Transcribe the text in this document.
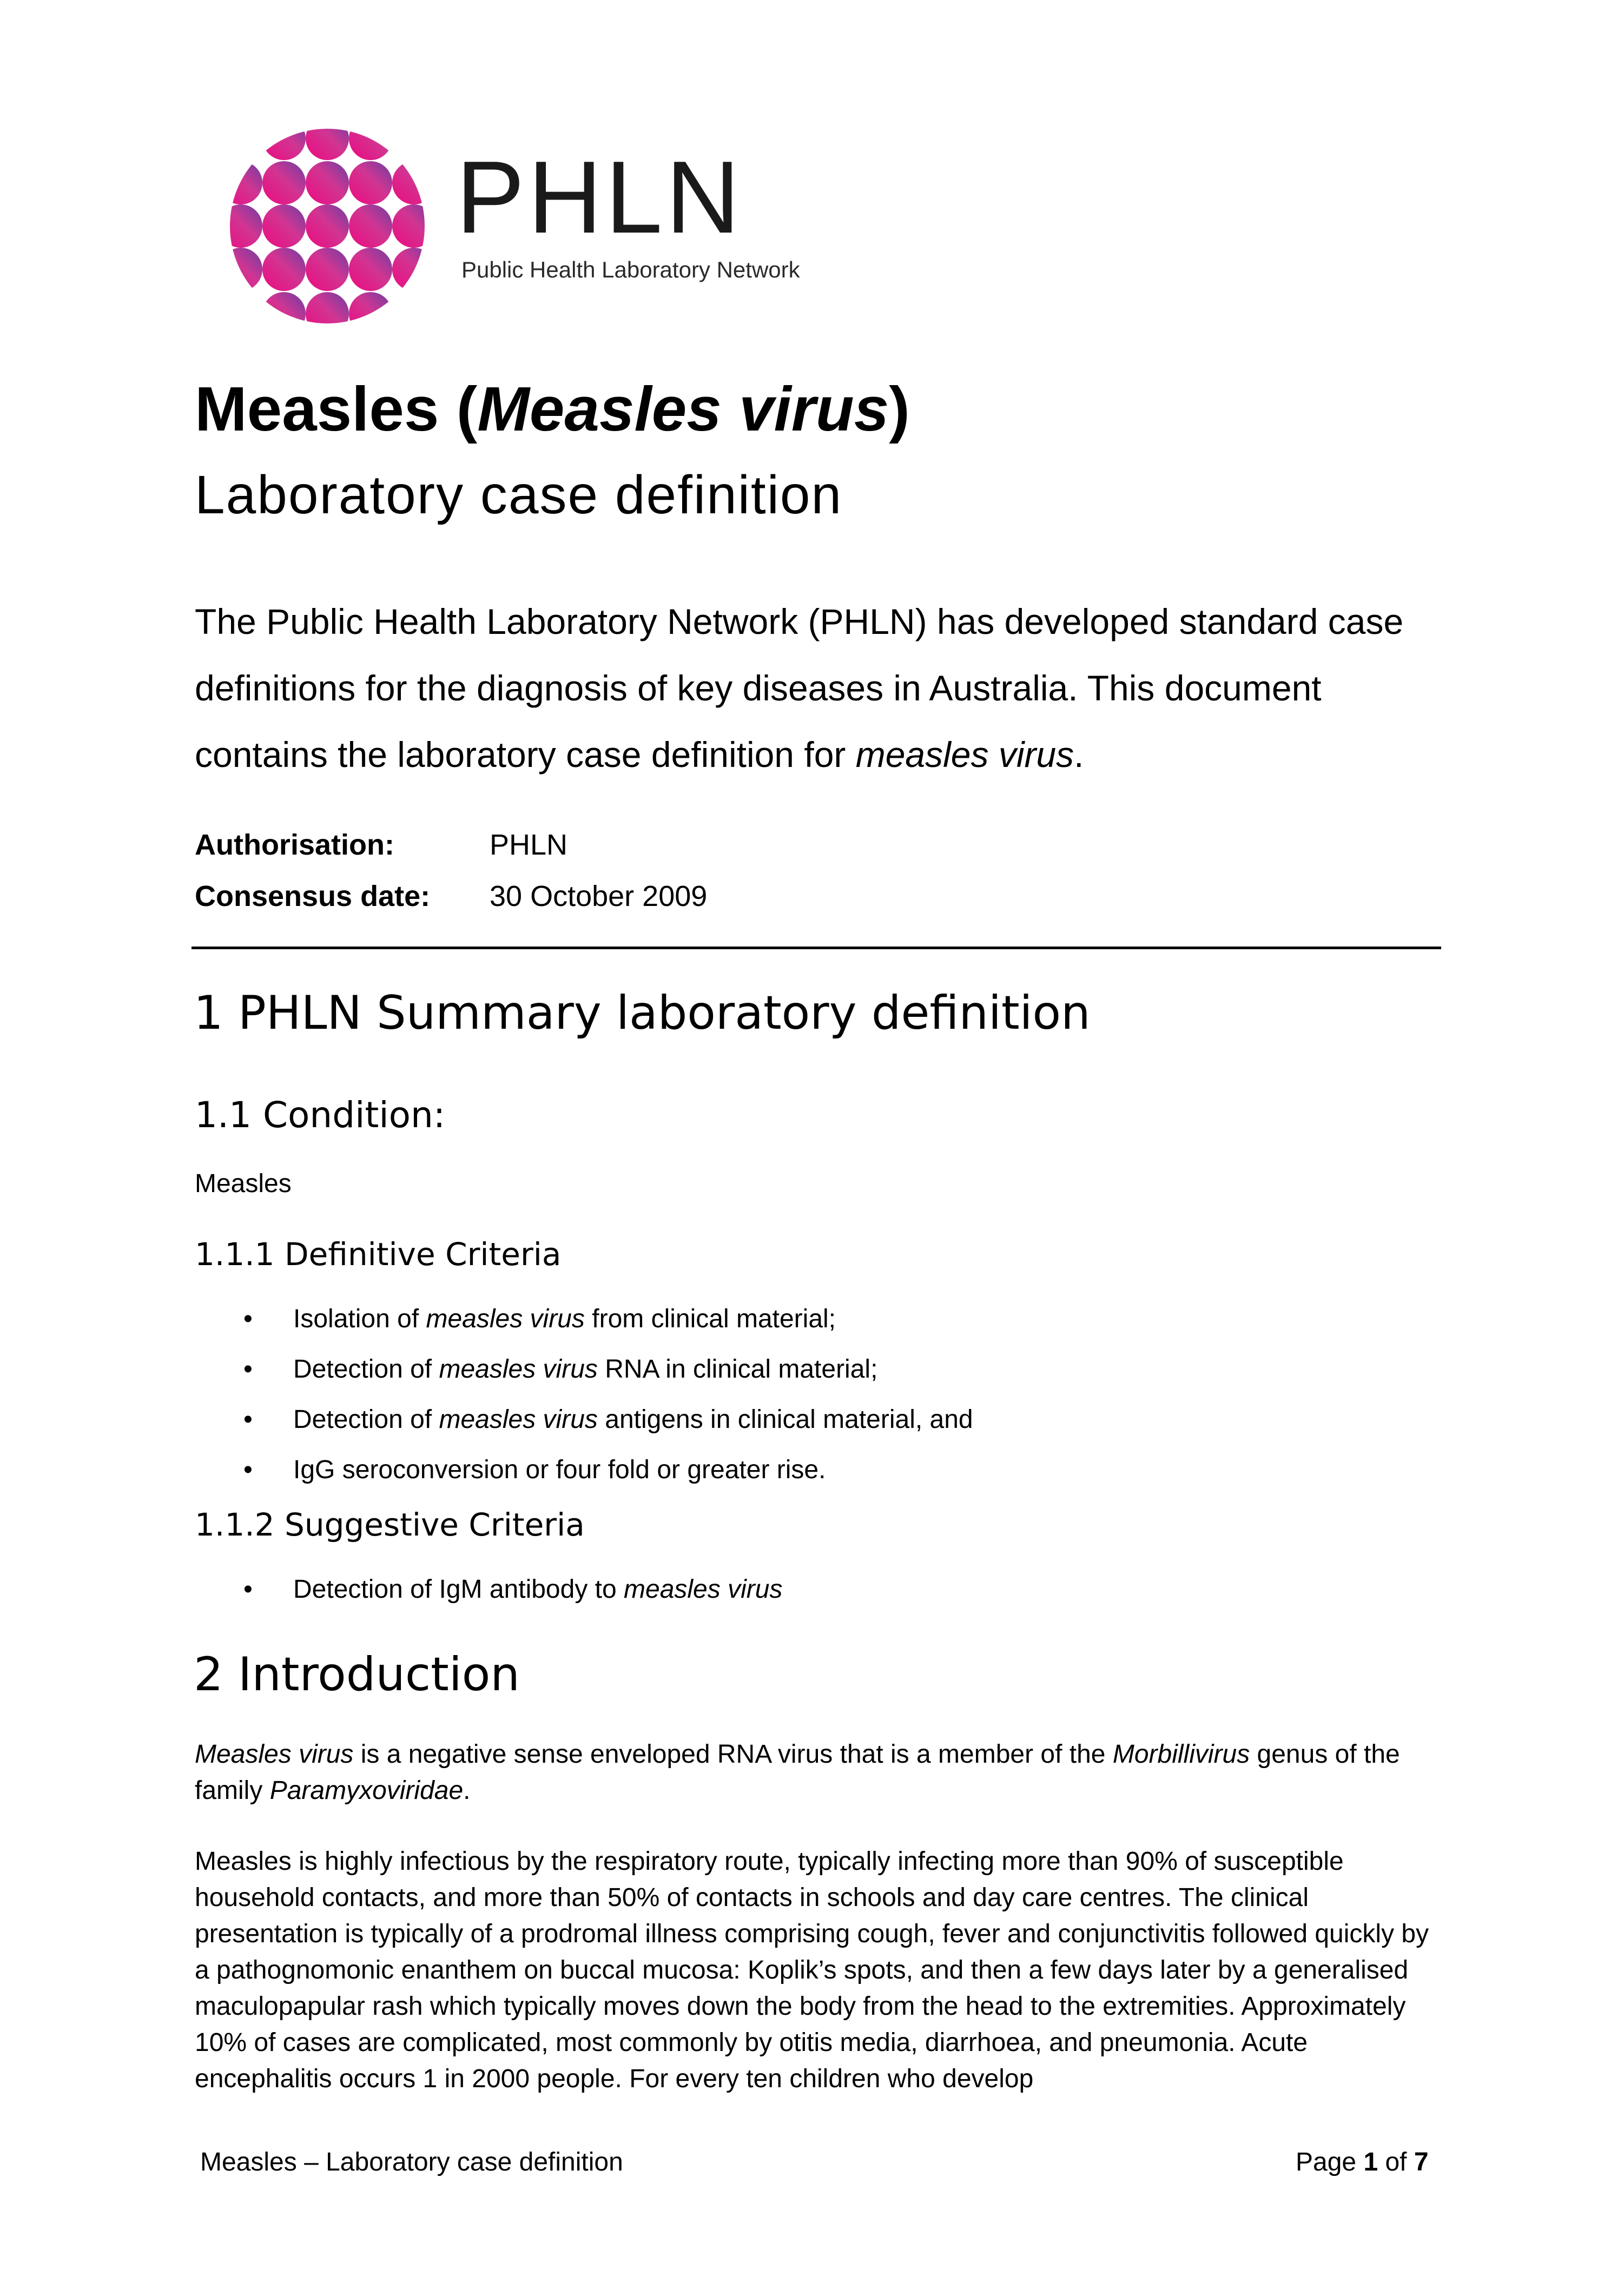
PHLN
Public Health Laboratory Network
Measles (Measles virus)
Laboratory case definition
The Public Health Laboratory Network (PHLN) has developed standard case definitions for the diagnosis of key diseases in Australia. This document contains the laboratory case definition for measles virus.
Authorisation:	PHLN
Consensus date: 30 October 2009
1 PHLN Summary laboratory definition
1.1 Condition:
Measles
1.1.1 Definitive Criteria
• Isolation of measles virus from clinical material;
• Detection of measles virus RNA in clinical material;
• Detection of measles virus antigens in clinical material, and
• IgG seroconversion or four fold or greater rise.
1.1.2 Suggestive Criteria
• Detection of IgM antibody to measles virus
2 Introduction
Measles virus is a negative sense enveloped RNA virus that is a member of the Morbillivirus genus of the family Paramyxoviridae.
Measles is highly infectious by the respiratory route, typically infecting more than 90% of susceptible household contacts, and more than 50% of contacts in schools and day care centres. The clinical presentation is typically of a prodromal illness comprising cough, fever and conjunctivitis followed quickly by a pathognomonic enanthem on buccal mucosa: Koplik’s spots, and then a few days later by a generalised maculopapular rash which typically moves down the body from the head to the extremities. Approximately 10% of cases are complicated, most commonly by otitis media, diarrhoea, and pneumonia. Acute encephalitis occurs 1 in 2000 people. For every ten children who develop
Measles – Laboratory case definition	Page 1 of 7
